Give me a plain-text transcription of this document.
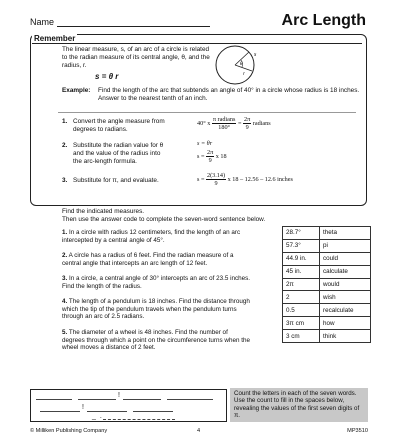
Name	Arc Length
Remember
The linear measure, s, of an arc of a circle is related to the radian measure of its central angle, θ, and the radius, r.
s = θ r
s
θ
r
Example: Find the length of the arc that subtends an angle of 40° in a circle whose radius is 18 inches. Answer to the nearest tenth of an inch.
1. Convert the angle measure from degrees to radians.
2. Substitute the radian value for θ and the value of the radius into the arc-length formula.
3. Substitute for π, and evaluate.
40° x $\frac{\text{π radians}}{180^\circ} = \frac{2\pi}{9}$ radians
s = θr
$s = \frac{2\pi}{9}$ x 18
$s = \frac{2(3.14)}{9}$ x 18 – 12.56 – 12.6 inches
Find the indicated measures.
Then use the answer code to complete the seven-word sentence below.
1. In a circle with radius 12 centimeters, find the length of an arc intercepted by a central angle of 45°.
2. A circle has a radius of 6 feet. Find the radian measure of a central angle that intercepts an arc length of 12 feet.
3. In a circle, a central angle of 30° intercepts an arc of 23.5 inches. Find the length of the radius.
4. The length of a pendulum is 18 inches. Find the distance through which the tip of the pendulum travels when the pendulum turns through an arc of 2.5 radians.
5. The diameter of a wheel is 48 inches. Find the number of degrees through which a point on the circumference turns when the wheel moves a distance of 2 feet.
28.7°	theta
57.3°	pi
44.9 in.	could
45 in.	calculate
2π	would
2	wish
0.5	recalculate
3π cm	how
3 cm	think
!
!
_ .
Count the letters in each of the seven words. Use the count to fill in the spaces below, revealing the values of the first seven digits of π.
© Milliken Publishing Company	4	MP3510
